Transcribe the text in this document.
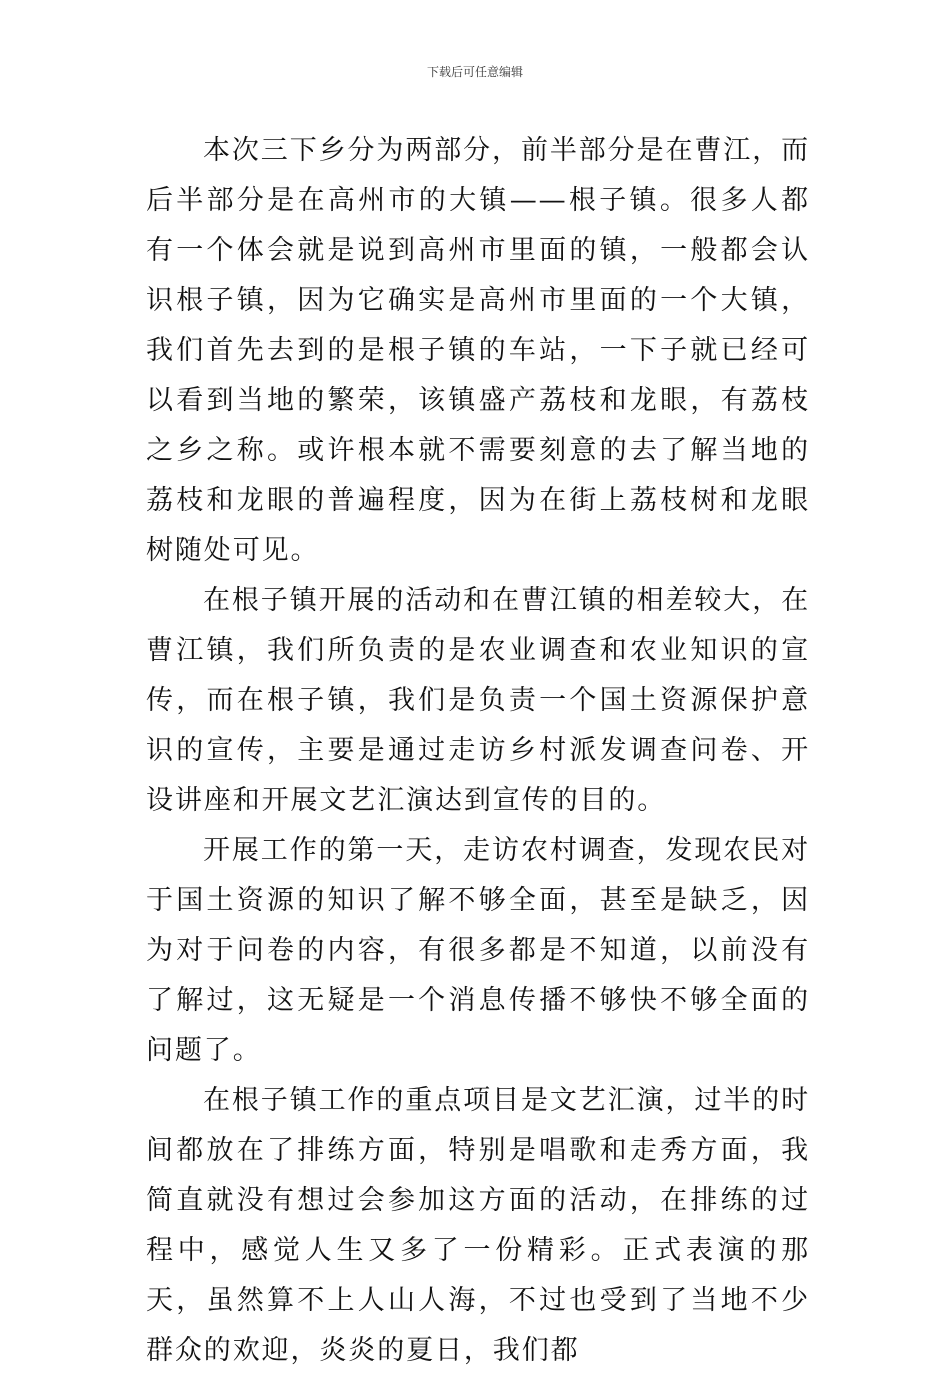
下载后可任意编辑

本次三下乡分为两部分，前半部分是在曹江，而后半部分是在高州市的大镇——根子镇。很多人都有一个体会就是说到高州市里面的镇，一般都会认识根子镇，因为它确实是高州市里面的一个大镇，我们首先去到的是根子镇的车站，一下子就已经可以看到当地的繁荣，该镇盛产荔枝和龙眼，有荔枝之乡之称。或许根本就不需要刻意的去了解当地的荔枝和龙眼的普遍程度，因为在街上荔枝树和龙眼树随处可见。

在根子镇开展的活动和在曹江镇的相差较大，在曹江镇，我们所负责的是农业调查和农业知识的宣传，而在根子镇，我们是负责一个国土资源保护意识的宣传，主要是通过走访乡村派发调查问卷、开设讲座和开展文艺汇演达到宣传的目的。

开展工作的第一天，走访农村调查，发现农民对于国土资源的知识了解不够全面，甚至是缺乏，因为对于问卷的内容，有很多都是不知道，以前没有了解过，这无疑是一个消息传播不够快不够全面的问题了。

在根子镇工作的重点项目是文艺汇演，过半的时间都放在了排练方面，特别是唱歌和走秀方面，我简直就没有想过会参加这方面的活动，在排练的过程中，感觉人生又多了一份精彩。正式表演的那天，虽然算不上人山人海，不过也受到了当地不少群众的欢迎，炎炎的夏日，我们都
